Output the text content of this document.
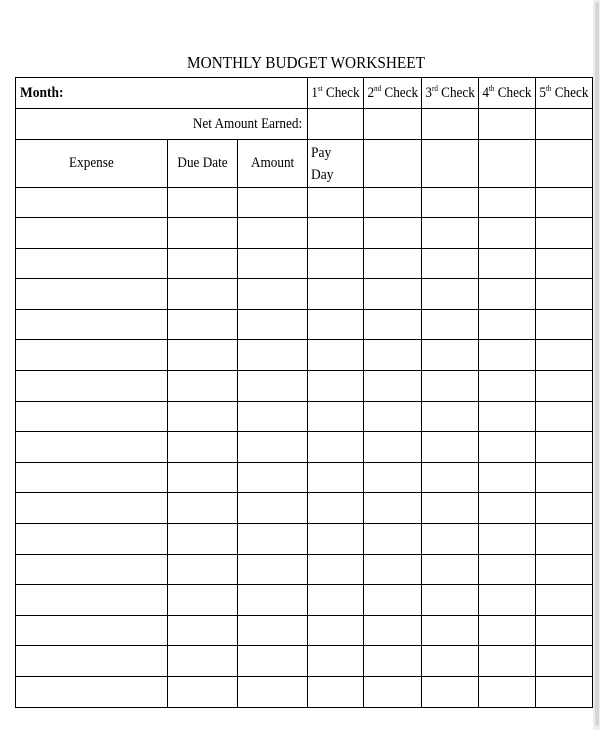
MONTHLY BUDGET WORKSHEET
Month:			1st Check	2nd Check	3rd Check	4th Check	5th Check
Net Amount Earned:							
Expense	Due Date	Amount	Pay
Day				
